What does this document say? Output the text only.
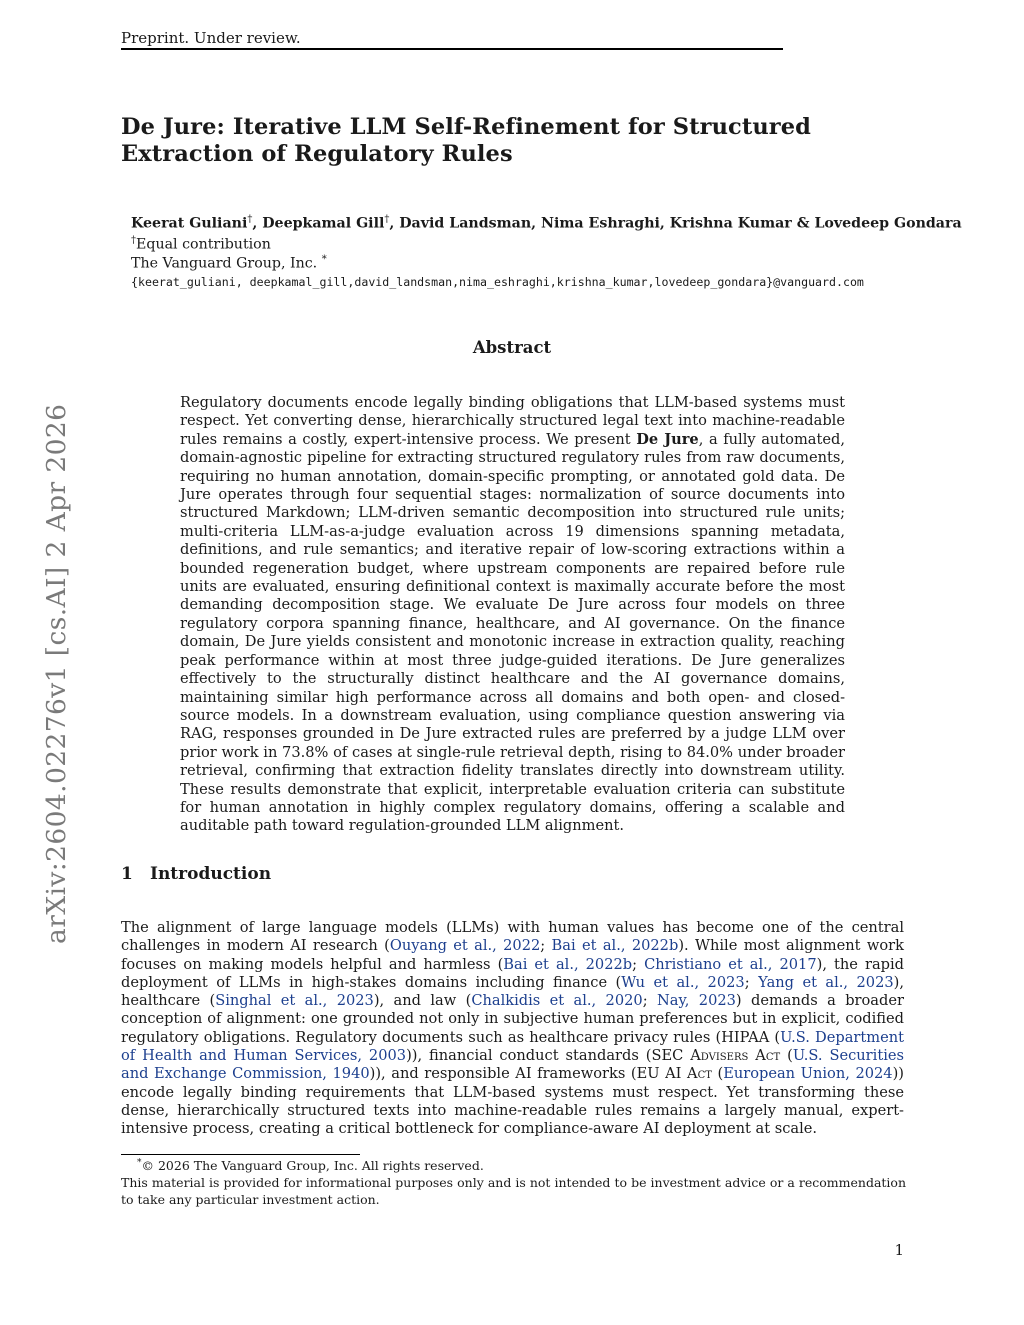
Preprint. Under review.
De Jure: Iterative LLM Self-Refinement for Structured Extraction of Regulatory Rules
Keerat Guliani†, Deepkamal Gill†, David Landsman, Nima Eshraghi, Krishna Kumar & Lovedeep Gondara
†Equal contribution
The Vanguard Group, Inc. *
{keerat_guliani, deepkamal_gill,david_landsman,nima_eshraghi,krishna_kumar,lovedeep_gondara}@vanguard.com
Abstract
Regulatory documents encode legally binding obligations that LLM-based systems must respect. Yet converting dense, hierarchically structured legal text into machine-readable rules remains a costly, expert-intensive process. We present De Jure, a fully automated, domain-agnostic pipeline for extracting structured regulatory rules from raw documents, requiring no human annotation, domain-specific prompting, or annotated gold data. De Jure operates through four sequential stages: normalization of source documents into structured Markdown; LLM-driven semantic decomposition into structured rule units; multi-criteria LLM-as-a-judge evaluation across 19 dimensions spanning metadata, definitions, and rule semantics; and iterative repair of low-scoring extractions within a bounded regeneration budget, where upstream components are repaired before rule units are evaluated, ensuring definitional context is maximally accurate before the most demanding decomposition stage. We evaluate De Jure across four models on three regulatory corpora spanning finance, healthcare, and AI governance. On the finance domain, De Jure yields consistent and monotonic increase in extraction quality, reaching peak performance within at most three judge-guided iterations. De Jure generalizes effectively to the structurally distinct healthcare and the AI governance domains, maintaining similar high performance across all domains and both open- and closed-source models. In a downstream evaluation, using compliance question answering via RAG, responses grounded in De Jure extracted rules are preferred by a judge LLM over prior work in 73.8% of cases at single-rule retrieval depth, rising to 84.0% under broader retrieval, confirming that extraction fidelity translates directly into downstream utility. These results demonstrate that explicit, interpretable evaluation criteria can substitute for human annotation in highly complex regulatory domains, offering a scalable and auditable path toward regulation-grounded LLM alignment.
arXiv:2604.02276v1 [cs.AI] 2 Apr 2026	1 Introduction
The alignment of large language models (LLMs) with human values has become one of the central challenges in modern AI research (Ouyang et al., 2022; Bai et al., 2022b). While most alignment work focuses on making models helpful and harmless (Bai et al., 2022b; Christiano et al., 2017), the rapid deployment of LLMs in high-stakes domains including finance (Wu et al., 2023; Yang et al., 2023), healthcare (Singhal et al., 2023), and law (Chalkidis et al., 2020; Nay, 2023) demands a broader conception of alignment: one grounded not only in subjective human preferences but in explicit, codified regulatory obligations. Regulatory documents such as healthcare privacy rules (HIPAA (U.S. Department of Health and Human Services, 2003)), financial conduct standards (SEC Advisers Act (U.S. Securities and Exchange Commission, 1940)), and responsible AI frameworks (EU AI Act (European Union, 2024)) encode legally binding requirements that LLM-based systems must respect. Yet transforming these dense, hierarchically structured texts into machine-readable rules remains a largely manual, expert-intensive process, creating a critical bottleneck for compliance-aware AI deployment at scale.
*© 2026 The Vanguard Group, Inc. All rights reserved.
This material is provided for informational purposes only and is not intended to be investment advice or a recommendation to take any particular investment action.
1
